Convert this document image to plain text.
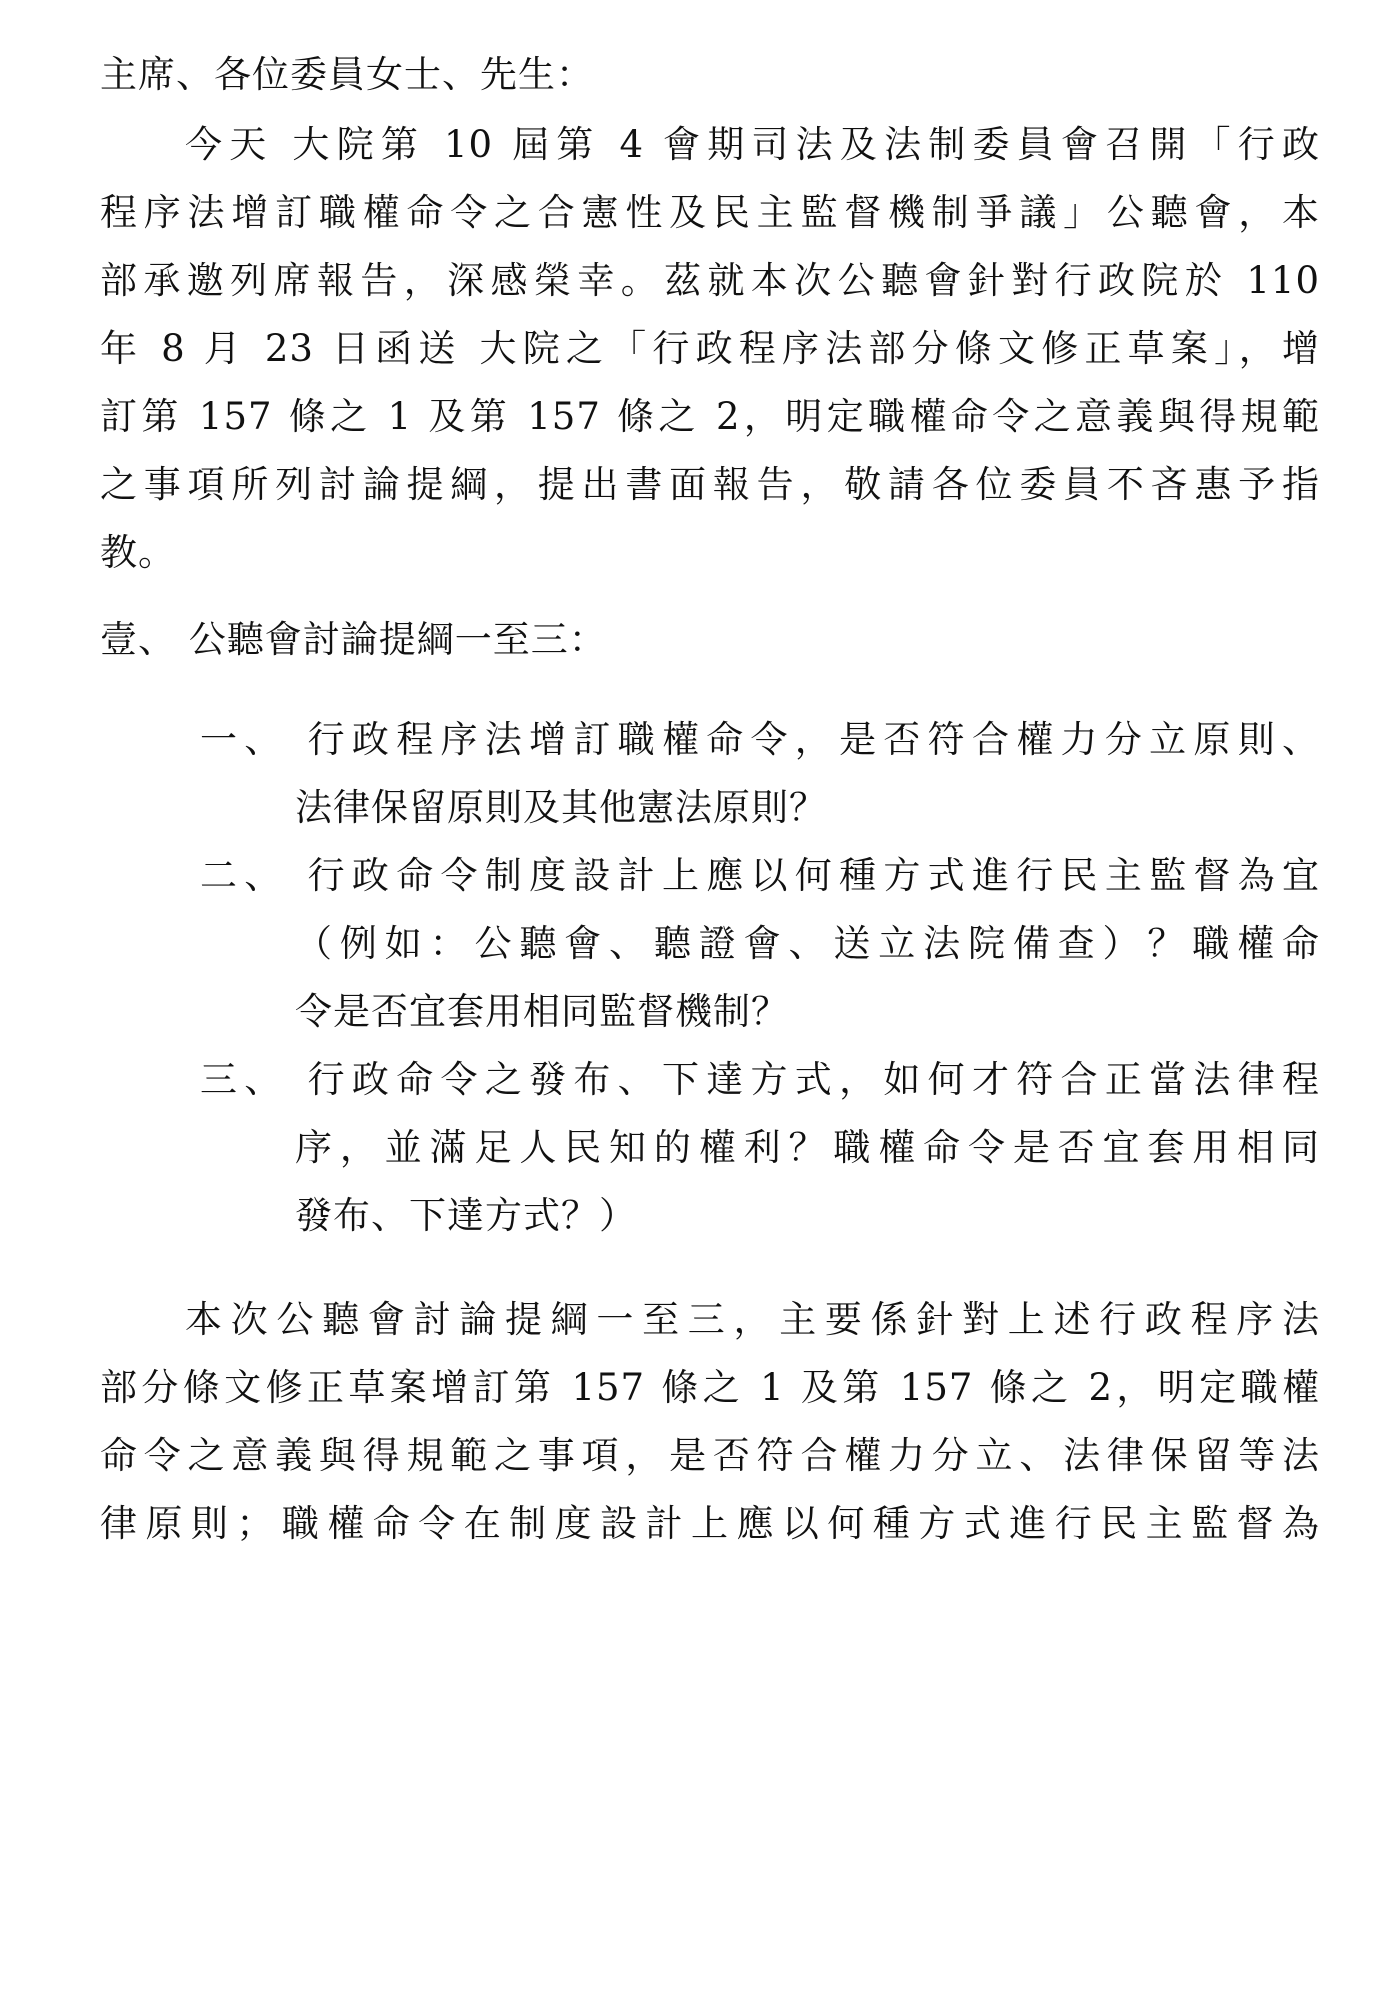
主席、各位委員女士、先生：
今天 大院第 10 屆第 4 會期司法及法制委員會召開「行政
程序法增訂職權命令之合憲性及民主監督機制爭議」公聽會，本
部承邀列席報告，深感榮幸。茲就本次公聽會針對行政院於 110
年 8 月 23 日函送 大院之「行政程序法部分條文修正草案」，增
訂第 157 條之 1 及第 157 條之 2，明定職權命令之意義與得規範
之事項所列討論提綱，提出書面報告，敬請各位委員不吝惠予指
教。
壹、 公聽會討論提綱一至三：
一、 行政程序法增訂職權命令，是否符合權力分立原則、
法律保留原則及其他憲法原則？
二、 行政命令制度設計上應以何種方式進行民主監督為宜
（例如：公聽會、聽證會、送立法院備查）？職權命
令是否宜套用相同監督機制？
三、 行政命令之發布、下達方式，如何才符合正當法律程
序，並滿足人民知的權利？職權命令是否宜套用相同
發布、下達方式？）
本次公聽會討論提綱一至三，主要係針對上述行政程序法
部分條文修正草案增訂第 157 條之 1 及第 157 條之 2，明定職權
命令之意義與得規範之事項，是否符合權力分立、法律保留等法
律原則；職權命令在制度設計上應以何種方式進行民主監督為
